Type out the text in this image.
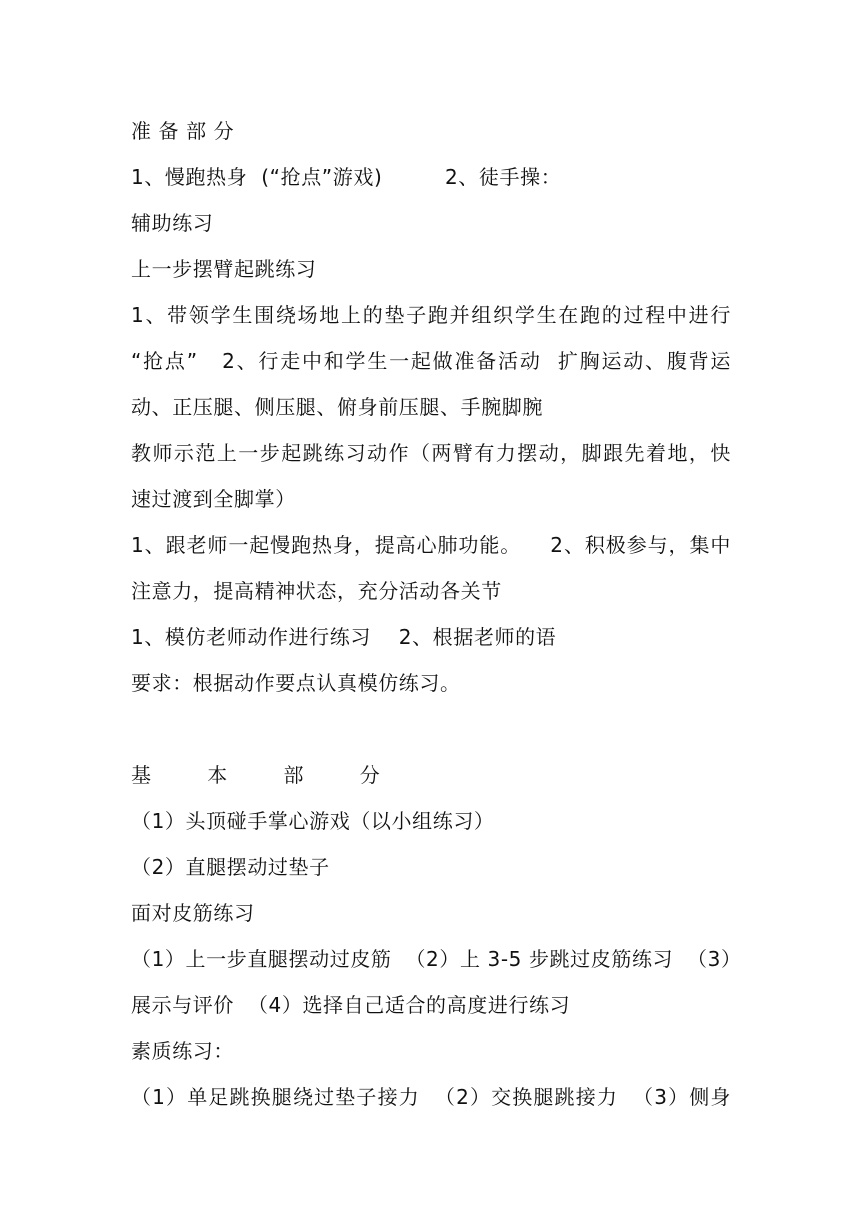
准 备 部 分
1、慢跑热身  (“抢点”游戏)         2、徒手操：
辅助练习
上一步摆臂起跳练习
1、带领学生围绕场地上的垫子跑并组织学生在跑的过程中进行
“抢点”   2、行走中和学生一起做准备活动  扩胸运动、腹背运
动、正压腿、侧压腿、俯身前压腿、手腕脚腕
教师示范上一步起跳练习动作（两臂有力摆动，脚跟先着地，快
速过渡到全脚掌）
1、跟老师一起慢跑热身，提高心肺功能。    2、积极参与，集中
注意力，提高精神状态，充分活动各关节
1、模仿老师动作进行练习    2、根据老师的语
要求：根据动作要点认真模仿练习。
基        本        部        分
（1）头顶碰手掌心游戏（以小组练习）
（2）直腿摆动过垫子
面对皮筋练习
（1）上一步直腿摆动过皮筋  （2）上 3-5 步跳过皮筋练习  （3）
展示与评价  （4）选择自己适合的高度进行练习
素质练习：
（1）单足跳换腿绕过垫子接力  （2）交换腿跳接力  （3）侧身
